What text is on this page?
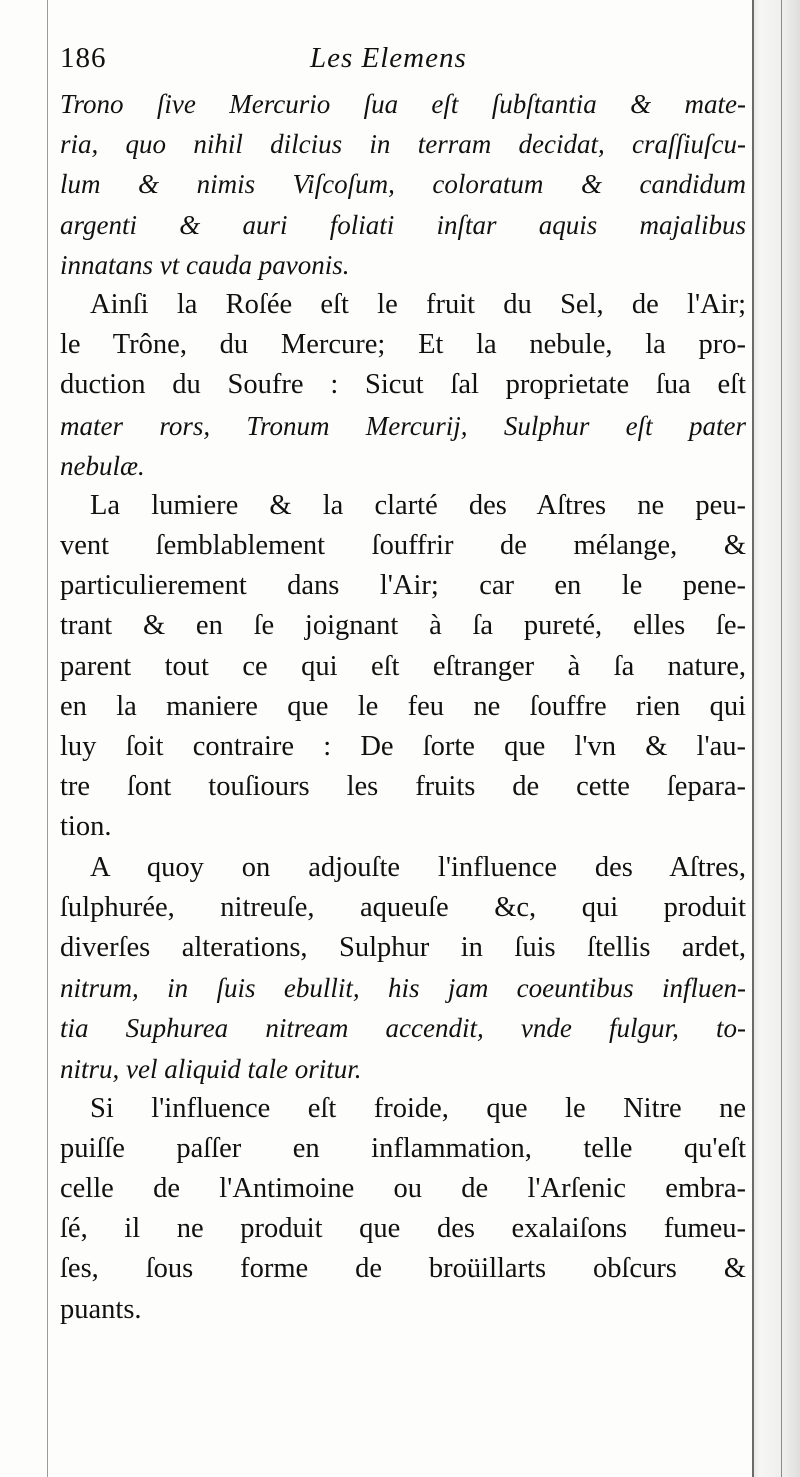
186	Les Elemens
Trono ſive Mercurio ſua eſt ſubſtantia & mate-
ria, quo nihil dilcius in terram decidat, craſſiuſcu-
lum & nimis Viſcoſum, coloratum & candidum
argenti & auri foliati inſtar aquis majalibus
innatans vt cauda pavonis.
Ainſi la Roſée eſt le fruit du Sel, de l'Air;
le Trône, du Mercure; Et la nebule, la pro-
duction du Soufre : Sicut ſal proprietate ſua eſt
mater rors, Tronum Mercurij, Sulphur eſt pater
nebulæ.
La lumiere & la clarté des Aſtres ne peu-
vent ſemblablement ſouffrir de mélange, &
particulierement dans l'Air; car en le pene-
trant & en ſe joignant à ſa pureté, elles ſe-
parent tout ce qui eſt eſtranger à ſa nature,
en la maniere que le feu ne ſouffre rien qui
luy ſoit contraire : De ſorte que l'vn & l'au-
tre ſont touſiours les fruits de cette ſepara-
tion.
A quoy on adjouſte l'influence des Aſtres,
ſulphurée, nitreuſe, aqueuſe &c, qui produit
diverſes alterations, Sulphur in ſuis ſtellis ardet,
nitrum, in ſuis ebullit, his jam coeuntibus influen-
tia Suphurea nitream accendit, vnde fulgur, to-
nitru, vel aliquid tale oritur.
Si l'influence eſt froide, que le Nitre ne
puiſſe paſſer en inflammation, telle qu'eſt
celle de l'Antimoine ou de l'Arſenic embra-
ſé, il ne produit que des exalaiſons fumeu-
ſes, ſous forme de broüillarts obſcurs &
puants.
